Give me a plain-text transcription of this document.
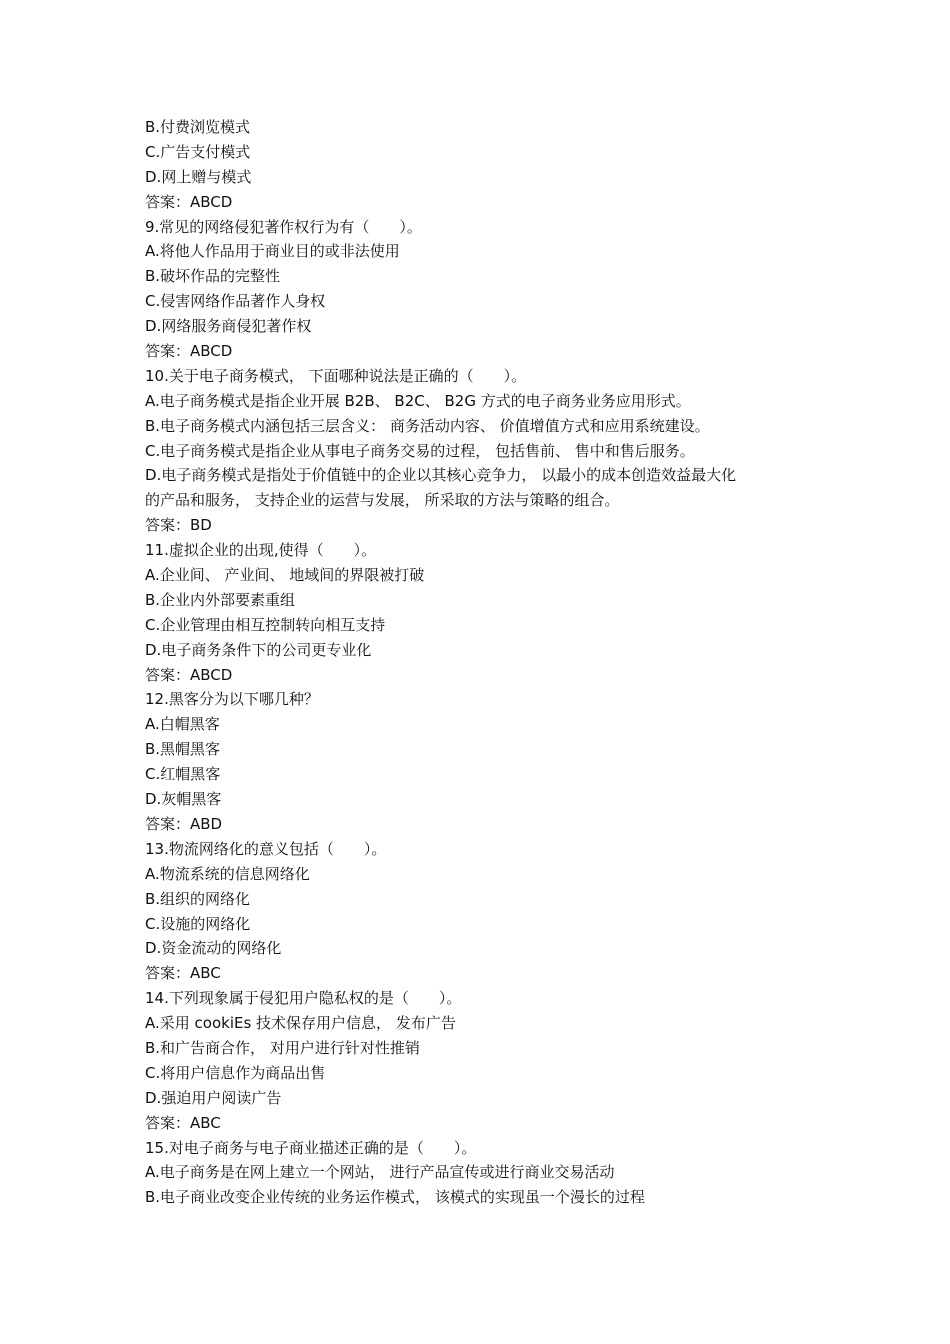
B.付费浏览模式
C.广告支付模式
D.网上赠与模式
答案：ABCD
9.常见的网络侵犯著作权行为有（　　）。
A.将他人作品用于商业目的或非法使用
B.破坏作品的完整性
C.侵害网络作品著作人身权
D.网络服务商侵犯著作权
答案：ABCD
10.关于电子商务模式， 下面哪种说法是正确的（　　）。
A.电子商务模式是指企业开展 B2B、 B2C、 B2G 方式的电子商务业务应用形式。
B.电子商务模式内涵包括三层含义： 商务活动内容、 价值增值方式和应用系统建设。
C.电子商务模式是指企业从事电子商务交易的过程， 包括售前、 售中和售后服务。
D.电子商务模式是指处于价值链中的企业以其核心竞争力， 以最小的成本创造效益最大化
的产品和服务， 支持企业的运营与发展， 所采取的方法与策略的组合。
答案：BD
11.虚拟企业的出现,使得（　　）。
A.企业间、 产业间、 地域间的界限被打破
B.企业内外部要素重组
C.企业管理由相互控制转向相互支持
D.电子商务条件下的公司更专业化
答案：ABCD
12.黑客分为以下哪几种？
A.白帽黑客
B.黑帽黑客
C.红帽黑客
D.灰帽黑客
答案：ABD
13.物流网络化的意义包括（　　）。
A.物流系统的信息网络化
B.组织的网络化
C.设施的网络化
D.资金流动的网络化
答案：ABC
14.下列现象属于侵犯用户隐私权的是（　　）。
A.采用 cookiEs 技术保存用户信息， 发布广告
B.和广告商合作， 对用户进行针对性推销
C.将用户信息作为商品出售
D.强迫用户阅读广告
答案：ABC
15.对电子商务与电子商业描述正确的是（　　）。
A.电子商务是在网上建立一个网站， 进行产品宣传或进行商业交易活动
B.电子商业改变企业传统的业务运作模式， 该模式的实现虽一个漫长的过程
